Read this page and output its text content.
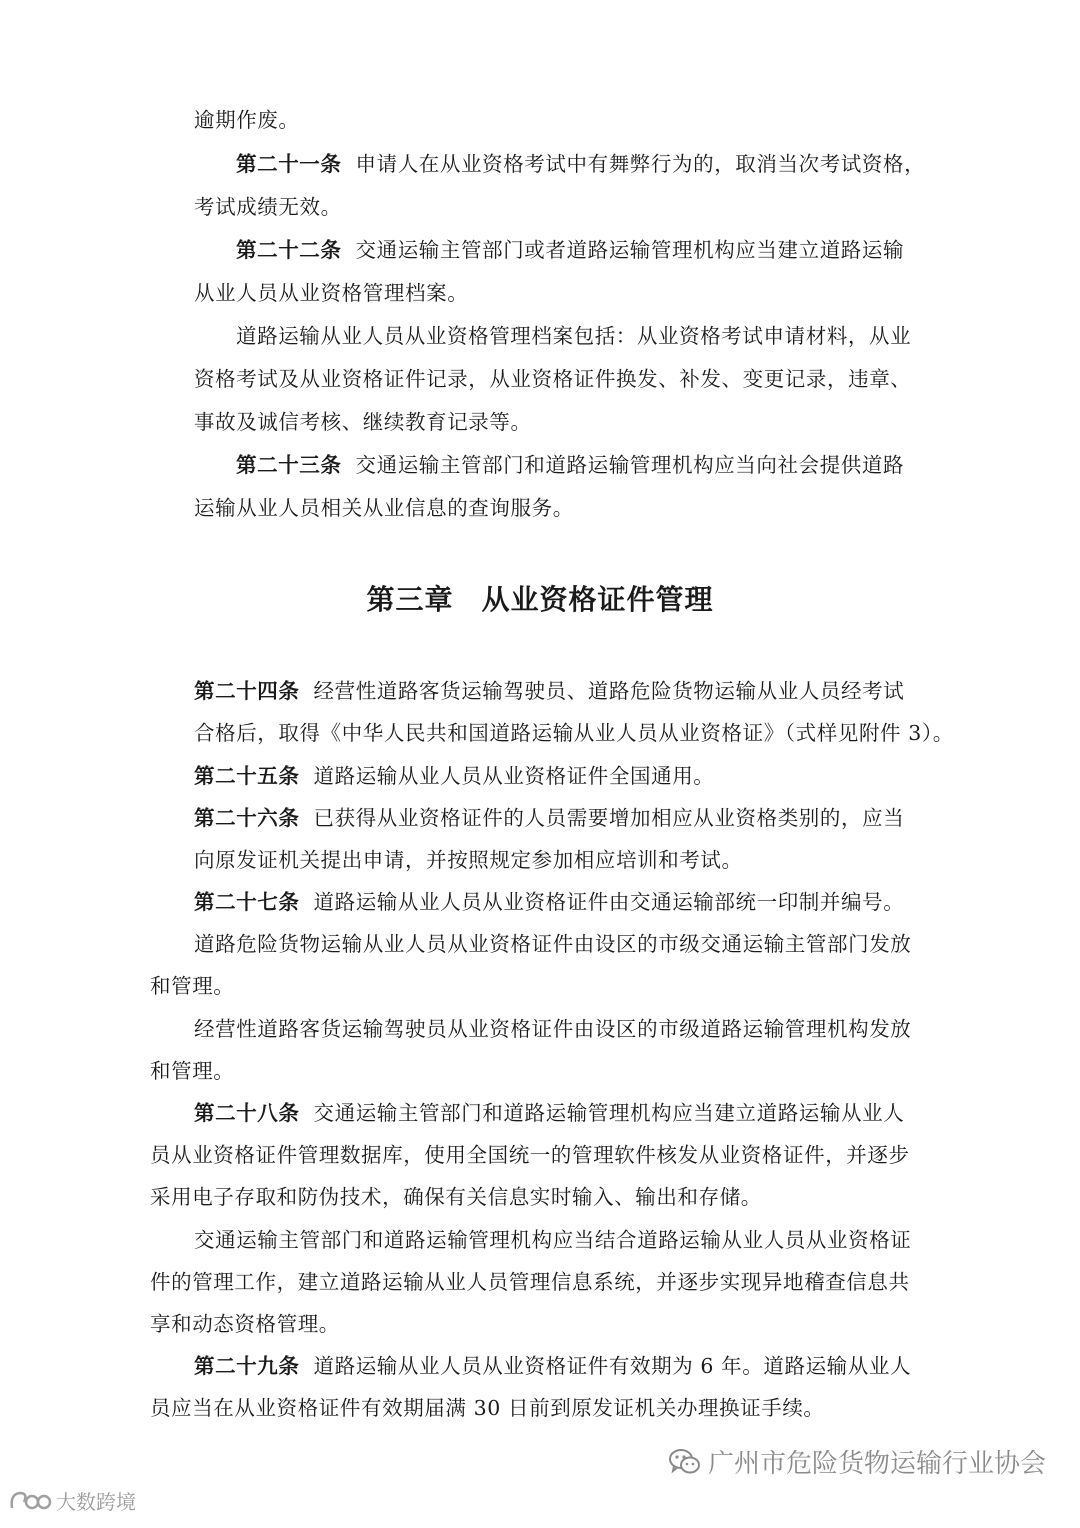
逾期作废。
第二十一条 申请人在从业资格考试中有舞弊行为的，取消当次考试资格，
考试成绩无效。
第二十二条 交通运输主管部门或者道路运输管理机构应当建立道路运输
从业人员从业资格管理档案。
道路运输从业人员从业资格管理档案包括：从业资格考试申请材料，从业
资格考试及从业资格证件记录，从业资格证件换发、补发、变更记录，违章、
事故及诚信考核、继续教育记录等。
第二十三条 交通运输主管部门和道路运输管理机构应当向社会提供道路
运输从业人员相关从业信息的查询服务。
第三章 从业资格证件管理
第二十四条 经营性道路客货运输驾驶员、道路危险货物运输从业人员经考试
合格后，取得《中华人民共和国道路运输从业人员从业资格证》（式样见附件 3）。
第二十五条 道路运输从业人员从业资格证件全国通用。
第二十六条 已获得从业资格证件的人员需要增加相应从业资格类别的，应当
向原发证机关提出申请，并按照规定参加相应培训和考试。
第二十七条 道路运输从业人员从业资格证件由交通运输部统一印制并编号。
道路危险货物运输从业人员从业资格证件由设区的市级交通运输主管部门发放
和管理。
经营性道路客货运输驾驶员从业资格证件由设区的市级道路运输管理机构发放
和管理。
第二十八条 交通运输主管部门和道路运输管理机构应当建立道路运输从业人
员从业资格证件管理数据库，使用全国统一的管理软件核发从业资格证件，并逐步
采用电子存取和防伪技术，确保有关信息实时输入、输出和存储。
交通运输主管部门和道路运输管理机构应当结合道路运输从业人员从业资格证
件的管理工作，建立道路运输从业人员管理信息系统，并逐步实现异地稽查信息共
享和动态资格管理。
第二十九条 道路运输从业人员从业资格证件有效期为 6 年。道路运输从业人
员应当在从业资格证件有效期届满 30 日前到原发证机关办理换证手续。
广州市危险货物运输行业协会
大数跨境
